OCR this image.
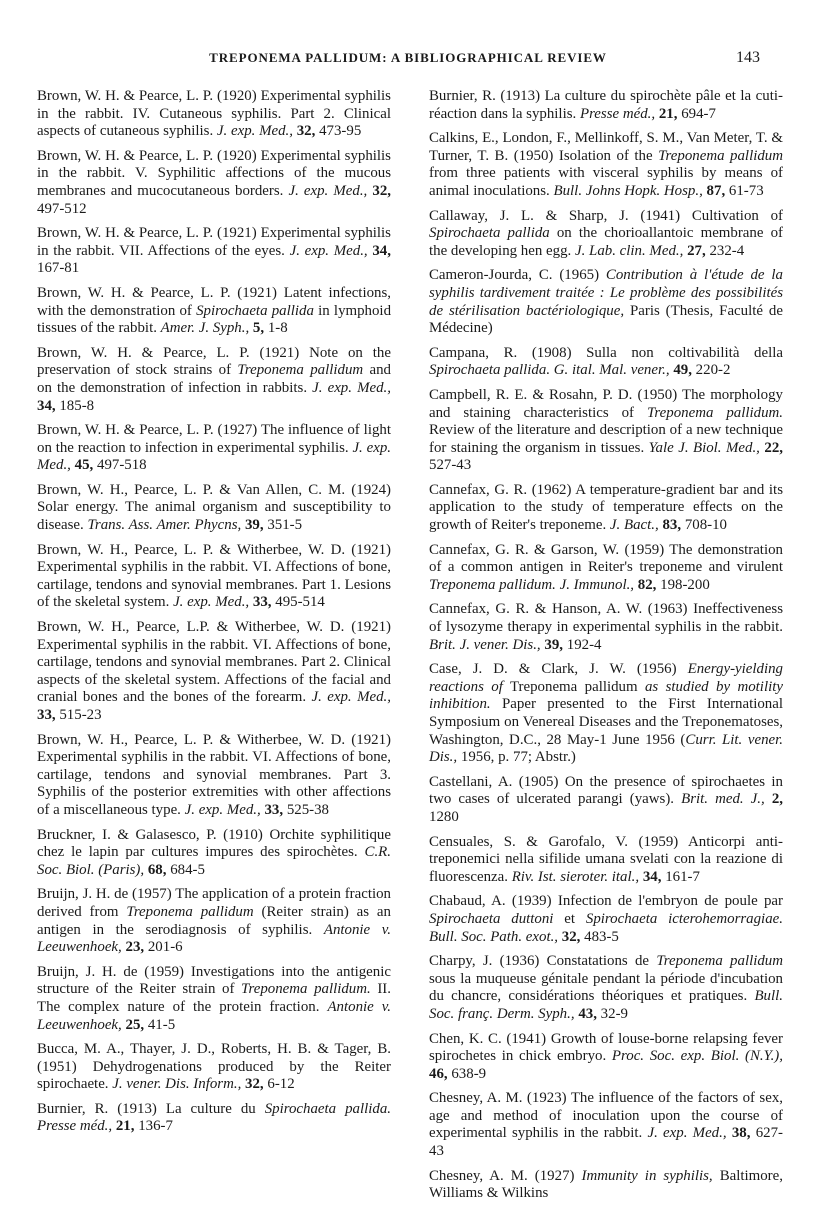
TREPONEMA PALLIDUM: A BIBLIOGRAPHICAL REVIEW	143

Brown, W. H. & Pearce, L. P. (1920) Experimental syphilis in the rabbit. IV. Cutaneous syphilis. Part 2. Clinical aspects of cutaneous syphilis. J. exp. Med., 32, 473-95

Brown, W. H. & Pearce, L. P. (1920) Experimental syphilis in the rabbit. V. Syphilitic affections of the mucous membranes and mucocutaneous borders. J. exp. Med., 32, 497-512

Brown, W. H. & Pearce, L. P. (1921) Experimental syphilis in the rabbit. VII. Affections of the eyes. J. exp. Med., 34, 167-81

Brown, W. H. & Pearce, L. P. (1921) Latent infections, with the demonstration of Spirochaeta pallida in lymphoid tissues of the rabbit. Amer. J. Syph., 5, 1-8

Brown, W. H. & Pearce, L. P. (1921) Note on the preservation of stock strains of Treponema pallidum and on the demonstration of infection in rabbits. J. exp. Med., 34, 185-8

Brown, W. H. & Pearce, L. P. (1927) The influence of light on the reaction to infection in experimental syphilis. J. exp. Med., 45, 497-518

Brown, W. H., Pearce, L. P. & Van Allen, C. M. (1924) Solar energy. The animal organism and susceptibility to disease. Trans. Ass. Amer. Phycns, 39, 351-5

Brown, W. H., Pearce, L. P. & Witherbee, W. D. (1921) Experimental syphilis in the rabbit. VI. Affections of bone, cartilage, tendons and synovial membranes. Part 1. Lesions of the skeletal system. J. exp. Med., 33, 495-514

Brown, W. H., Pearce, L.P. & Witherbee, W. D. (1921) Experimental syphilis in the rabbit. VI. Affections of bone, cartilage, tendons and synovial membranes. Part 2. Clinical aspects of the skeletal system. Affections of the facial and cranial bones and the bones of the forearm. J. exp. Med., 33, 515-23

Brown, W. H., Pearce, L. P. & Witherbee, W. D. (1921) Experimental syphilis in the rabbit. VI. Affections of bone, cartilage, tendons and synovial membranes. Part 3. Syphilis of the posterior extremities with other affections of a miscellaneous type. J. exp. Med., 33, 525-38

Bruckner, I. & Galasesco, P. (1910) Orchite syphilitique chez le lapin par cultures impures des spirochètes. C.R. Soc. Biol. (Paris), 68, 684-5

Bruijn, J. H. de (1957) The application of a protein fraction derived from Treponema pallidum (Reiter strain) as an antigen in the serodiagnosis of syphilis. Antonie v. Leeuwenhoek, 23, 201-6

Bruijn, J. H. de (1959) Investigations into the antigenic structure of the Reiter strain of Treponema pallidum. II. The complex nature of the protein fraction. Antonie v. Leeuwenhoek, 25, 41-5

Bucca, M. A., Thayer, J. D., Roberts, H. B. & Tager, B. (1951) Dehydrogenations produced by the Reiter spirochaete. J. vener. Dis. Inform., 32, 6-12

Burnier, R. (1913) La culture du Spirochaeta pallida. Presse méd., 21, 136-7

Burnier, R. (1913) La culture du spirochète pâle et la cuti-réaction dans la syphilis. Presse méd., 21, 694-7

Calkins, E., London, F., Mellinkoff, S. M., Van Meter, T. & Turner, T. B. (1950) Isolation of the Treponema pallidum from three patients with visceral syphilis by means of animal inoculations. Bull. Johns Hopk. Hosp., 87, 61-73

Callaway, J. L. & Sharp, J. (1941) Cultivation of Spirochaeta pallida on the chorioallantoic membrane of the developing hen egg. J. Lab. clin. Med., 27, 232-4

Cameron-Jourda, C. (1965) Contribution à l'étude de la syphilis tardivement traitée : Le problème des possibilités de stérilisation bactériologique, Paris (Thesis, Faculté de Médecine)

Campana, R. (1908) Sulla non coltivabilità della Spirochaeta pallida. G. ital. Mal. vener., 49, 220-2

Campbell, R. E. & Rosahn, P. D. (1950) The morphology and staining characteristics of Treponema pallidum. Review of the literature and description of a new technique for staining the organism in tissues. Yale J. Biol. Med., 22, 527-43

Cannefax, G. R. (1962) A temperature-gradient bar and its application to the study of temperature effects on the growth of Reiter's treponeme. J. Bact., 83, 708-10

Cannefax, G. R. & Garson, W. (1959) The demonstration of a common antigen in Reiter's treponeme and virulent Treponema pallidum. J. Immunol., 82, 198-200

Cannefax, G. R. & Hanson, A. W. (1963) Ineffectiveness of lysozyme therapy in experimental syphilis in the rabbit. Brit. J. vener. Dis., 39, 192-4

Case, J. D. & Clark, J. W. (1956) Energy-yielding reactions of Treponema pallidum as studied by motility inhibition. Paper presented to the First International Symposium on Venereal Diseases and the Treponematoses, Washington, D.C., 28 May-1 June 1956 (Curr. Lit. vener. Dis., 1956, p. 77; Abstr.)

Castellani, A. (1905) On the presence of spirochaetes in two cases of ulcerated parangi (yaws). Brit. med. J., 2, 1280

Censuales, S. & Garofalo, V. (1959) Anticorpi anti-treponemici nella sifilide umana svelati con la reazione di fluorescenza. Riv. Ist. sieroter. ital., 34, 161-7

Chabaud, A. (1939) Infection de l'embryon de poule par Spirochaeta duttoni et Spirochaeta icterohemorragiae. Bull. Soc. Path. exot., 32, 483-5

Charpy, J. (1936) Constatations de Treponema pallidum sous la muqueuse génitale pendant la période d'incubation du chancre, considérations théoriques et pratiques. Bull. Soc. franç. Derm. Syph., 43, 32-9

Chen, K. C. (1941) Growth of louse-borne relapsing fever spirochetes in chick embryo. Proc. Soc. exp. Biol. (N.Y.), 46, 638-9

Chesney, A. M. (1923) The influence of the factors of sex, age and method of inoculation upon the course of experimental syphilis in the rabbit. J. exp. Med., 38, 627-43

Chesney, A. M. (1927) Immunity in syphilis, Baltimore, Williams & Wilkins
